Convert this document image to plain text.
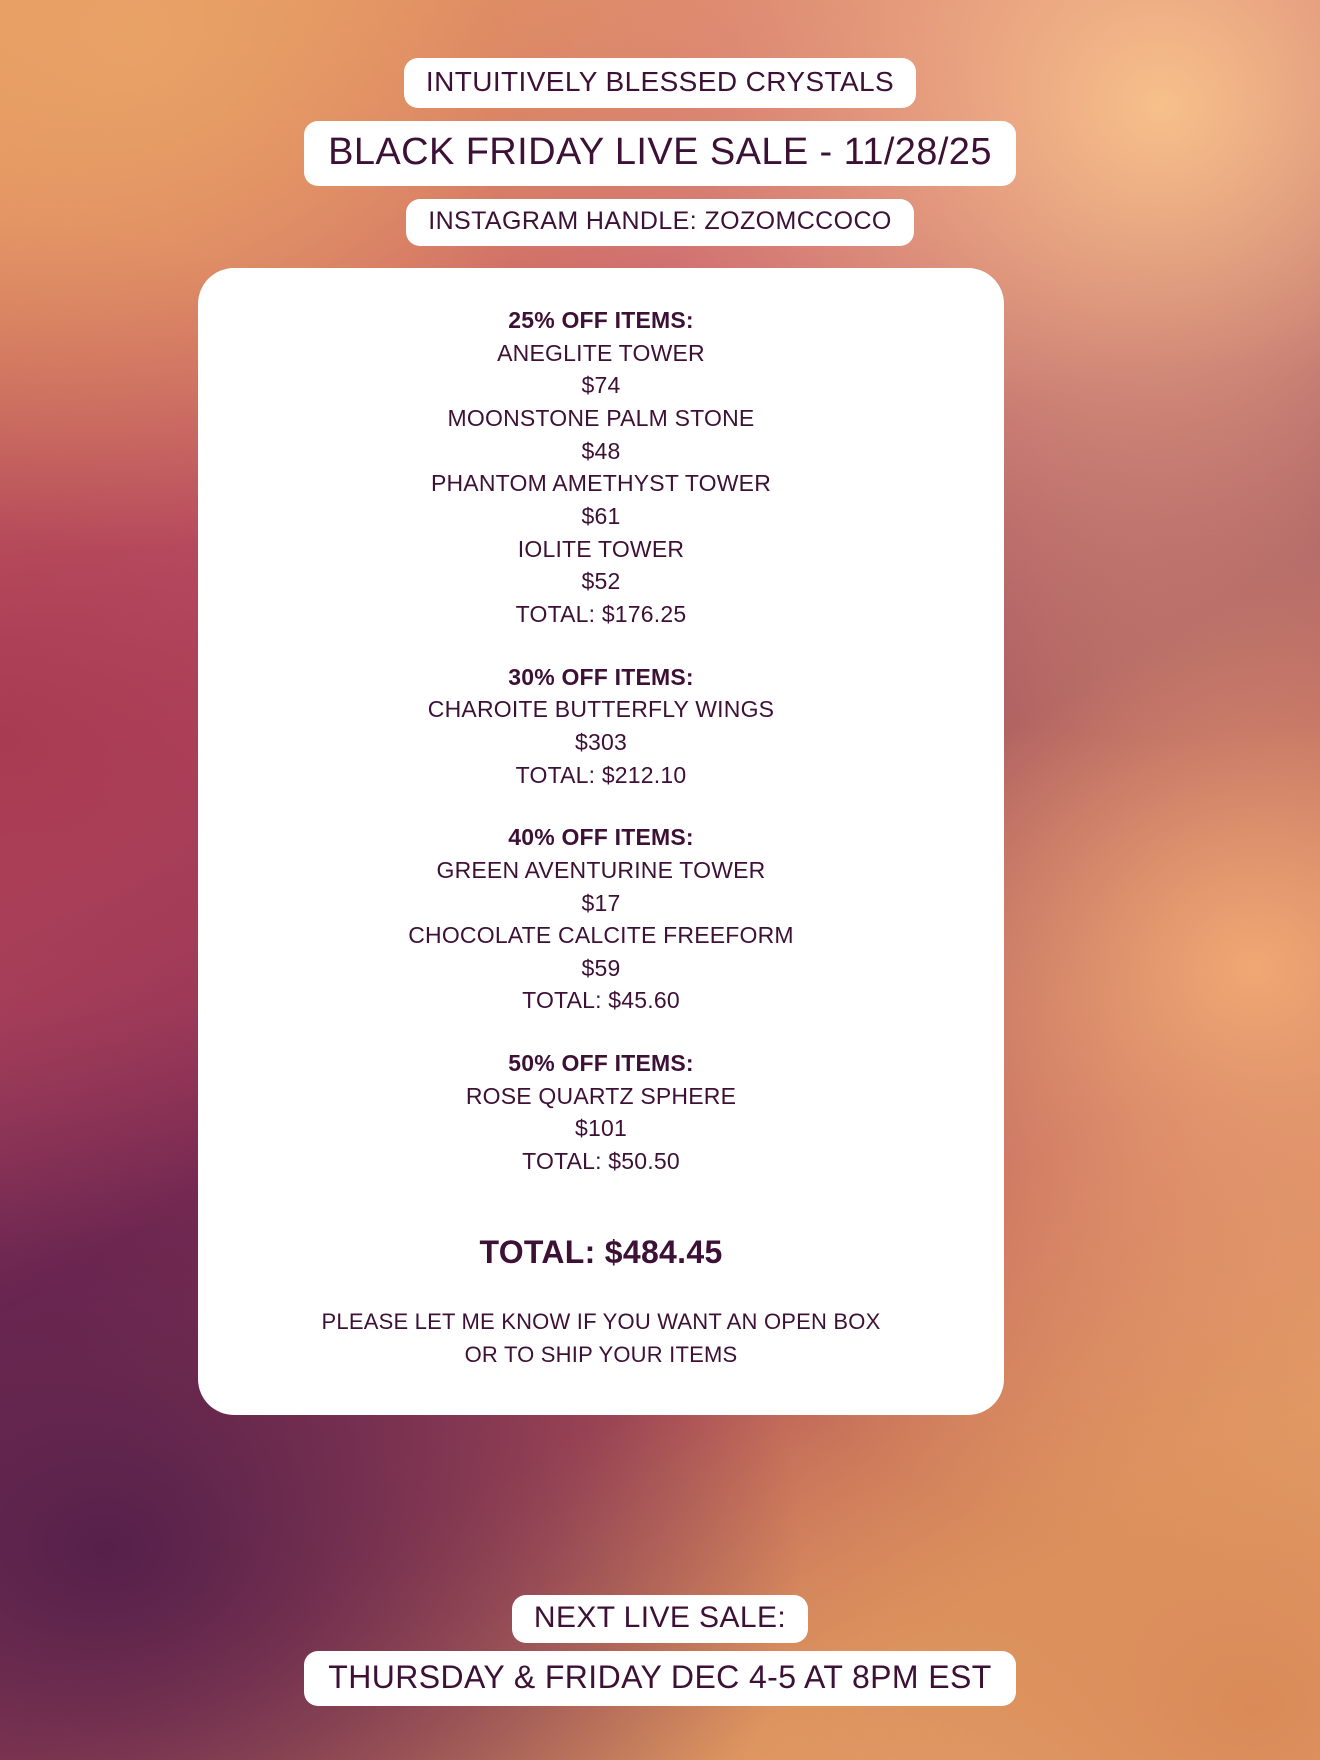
INTUITIVELY BLESSED CRYSTALS
BLACK FRIDAY LIVE SALE - 11/28/25
INSTAGRAM HANDLE: ZOZOMCCOCO
25% OFF ITEMS:
ANEGLITE TOWER
$74
MOONSTONE PALM STONE
$48
PHANTOM AMETHYST TOWER
$61
IOLITE TOWER
$52
TOTAL: $176.25
30% OFF ITEMS:
CHAROITE BUTTERFLY WINGS
$303
TOTAL: $212.10
40% OFF ITEMS:
GREEN AVENTURINE TOWER
$17
CHOCOLATE CALCITE FREEFORM
$59
TOTAL: $45.60
50% OFF ITEMS:
ROSE QUARTZ SPHERE
$101
TOTAL: $50.50
TOTAL: $484.45
PLEASE LET ME KNOW IF YOU WANT AN OPEN BOX
OR TO SHIP YOUR ITEMS
NEXT LIVE SALE:
THURSDAY & FRIDAY DEC 4-5 AT 8PM EST
